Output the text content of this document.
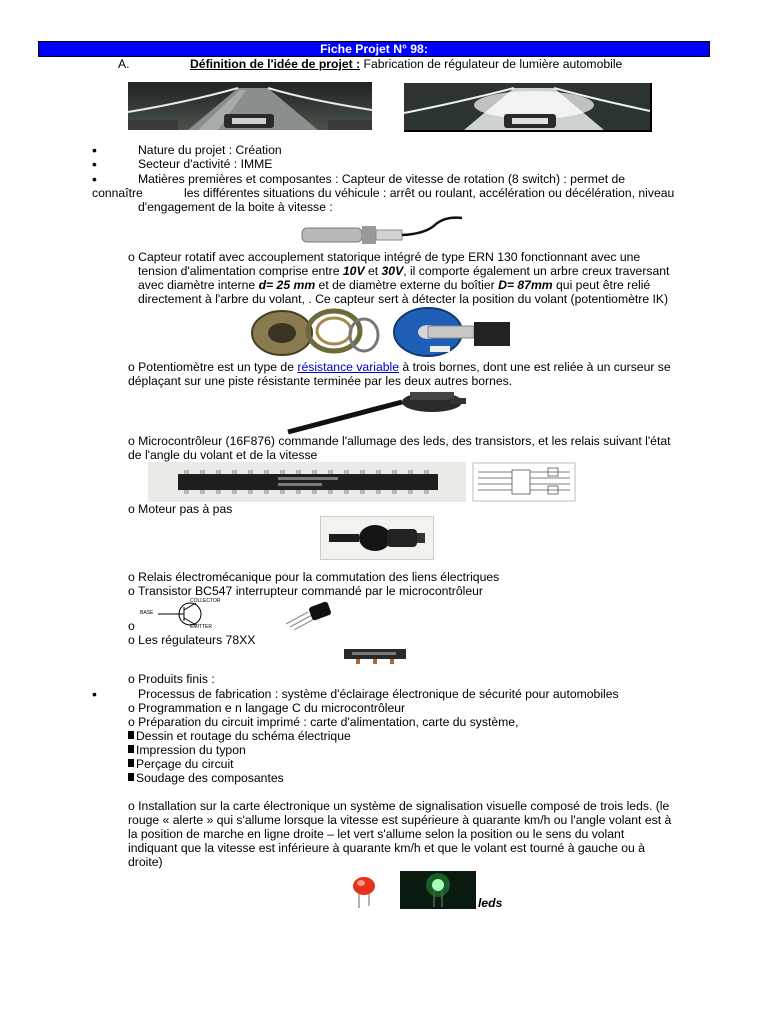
Fiche Projet N° 98:
A.	Définition de l'idée de projet : Fabrication de régulateur de lumière automobile
•	Nature du projet : Création
•	Secteur d'activité : IMME
•	Matières premières et composantes : Capteur de vitesse de rotation (8 switch) : permet de
connaître	les différentes situations du véhicule : arrêt ou roulant, accélération ou décélération, niveau
d'engagement de la boite à vitesse :
o Capteur rotatif avec accouplement statorique intégré de type ERN 130 fonctionnant avec une
tension d'alimentation comprise entre 10V et 30V, il comporte également un arbre creux traversant
avec diamètre interne d= 25 mm et de diamètre externe du boîtier D= 87mm qui peut être relié
directement à l'arbre du volant, . Ce capteur sert à détecter la position du volant (potentiomètre IK)
o Potentiomètre est un type de résistance variable à trois bornes, dont une est reliée à un curseur se
déplaçant sur une piste résistante terminée par les deux autres bornes.
o Microcontrôleur (16F876) commande l'allumage des leds, des transistors, et les relais suivant l'état
de l'angle du volant et de la vitesse
o Moteur pas à pas
o Relais électromécanique pour la commutation des liens électriques
o Transistor BC547 interrupteur commandé par le microcontrôleur
COLLECTOR
BASE
EMITTER
o
o Les régulateurs 78XX
o Produits finis :
•	Processus de fabrication : système d'éclairage électronique de sécurité pour automobiles
o Programmation e n langage C du microcontrôleur
o Préparation du circuit imprimé : carte d'alimentation, carte du système,
Dessin et routage du schéma électrique
Impression du typon
Perçage du circuit
Soudage des composantes
o Installation sur la carte électronique un système de signalisation visuelle composé de trois leds. (le
rouge « alerte » qui s'allume lorsque la vitesse est supérieure à quarante km/h ou l'angle volant est à
la position de marche en ligne droite – let vert s'allume selon la position ou le sens du volant
indiquant que la vitesse est inférieure à quarante km/h et que le volant est tourné à gauche ou à
droite)
leds
